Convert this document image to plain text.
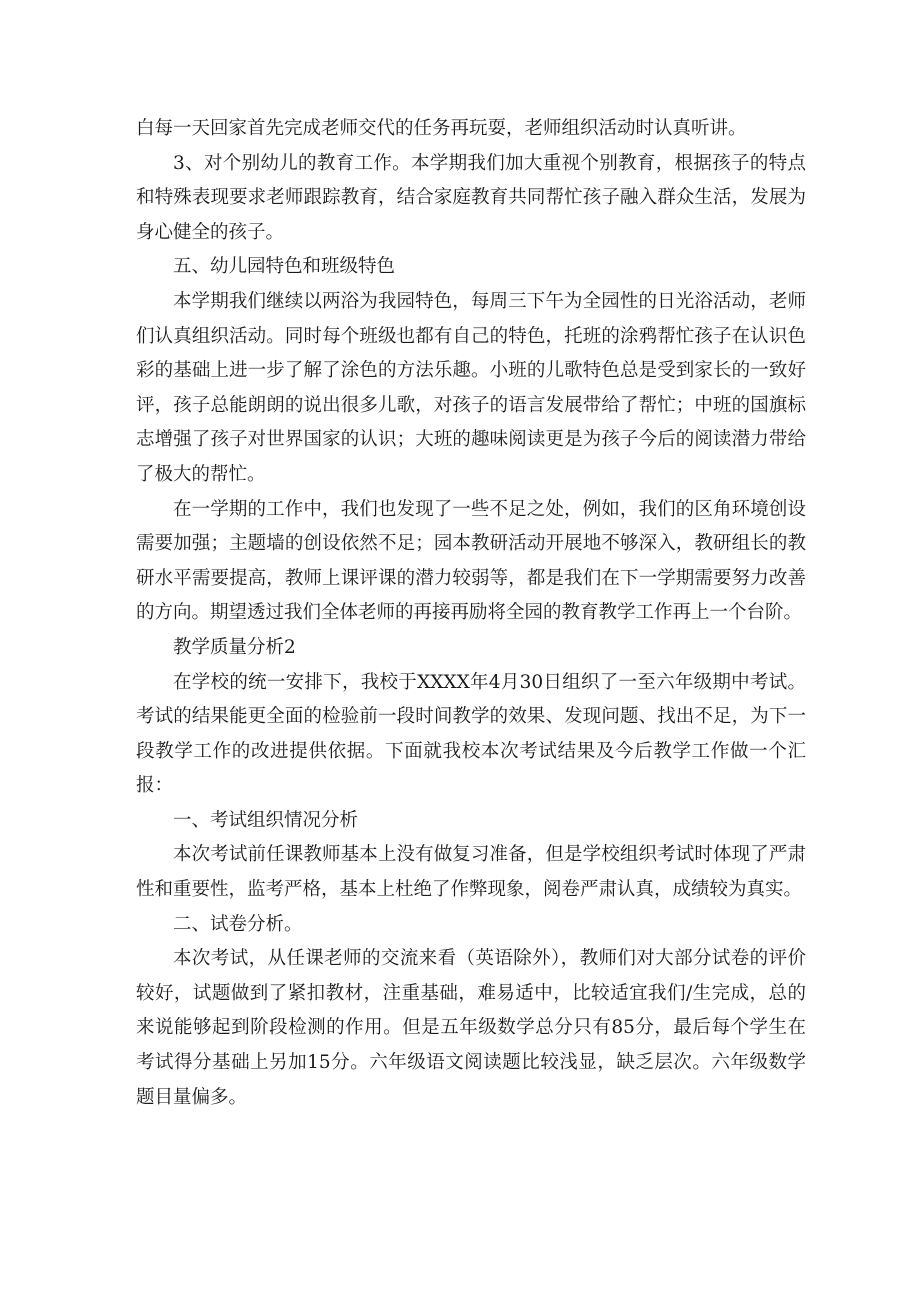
白每一天回家首先完成老师交代的任务再玩耍，老师组织活动时认真听讲。

3、对个别幼儿的教育工作。本学期我们加大重视个别教育，根据孩子的特点和特殊表现要求老师跟踪教育，结合家庭教育共同帮忙孩子融入群众生活，发展为身心健全的孩子。

五、幼儿园特色和班级特色

本学期我们继续以两浴为我园特色，每周三下午为全园性的日光浴活动，老师们认真组织活动。同时每个班级也都有自己的特色，托班的涂鸦帮忙孩子在认识色彩的基础上进一步了解了涂色的方法乐趣。小班的儿歌特色总是受到家长的一致好评，孩子总能朗朗的说出很多儿歌，对孩子的语言发展带给了帮忙；中班的国旗标志增强了孩子对世界国家的认识；大班的趣味阅读更是为孩子今后的阅读潜力带给了极大的帮忙。

在一学期的工作中，我们也发现了一些不足之处，例如，我们的区角环境创设需要加强；主题墙的创设依然不足；园本教研活动开展地不够深入，教研组长的教研水平需要提高，教师上课评课的潜力较弱等，都是我们在下一学期需要努力改善的方向。期望透过我们全体老师的再接再励将全园的教育教学工作再上一个台阶。

教学质量分析2

在学校的统一安排下，我校于XXXX年4月30日组织了一至六年级期中考试。考试的结果能更全面的检验前一段时间教学的效果、发现问题、找出不足，为下一段教学工作的改进提供依据。下面就我校本次考试结果及今后教学工作做一个汇报：

一、考试组织情况分析

本次考试前任课教师基本上没有做复习准备，但是学校组织考试时体现了严肃性和重要性，监考严格，基本上杜绝了作弊现象，阅卷严肃认真，成绩较为真实。

二、试卷分析。

本次考试，从任课老师的交流来看（英语除外），教师们对大部分试卷的评价较好，试题做到了紧扣教材，注重基础，难易适中，比较适宜我们/生完成，总的来说能够起到阶段检测的作用。但是五年级数学总分只有85分，最后每个学生在考试得分基础上另加15分。六年级语文阅读题比较浅显，缺乏层次。六年级数学题目量偏多。
